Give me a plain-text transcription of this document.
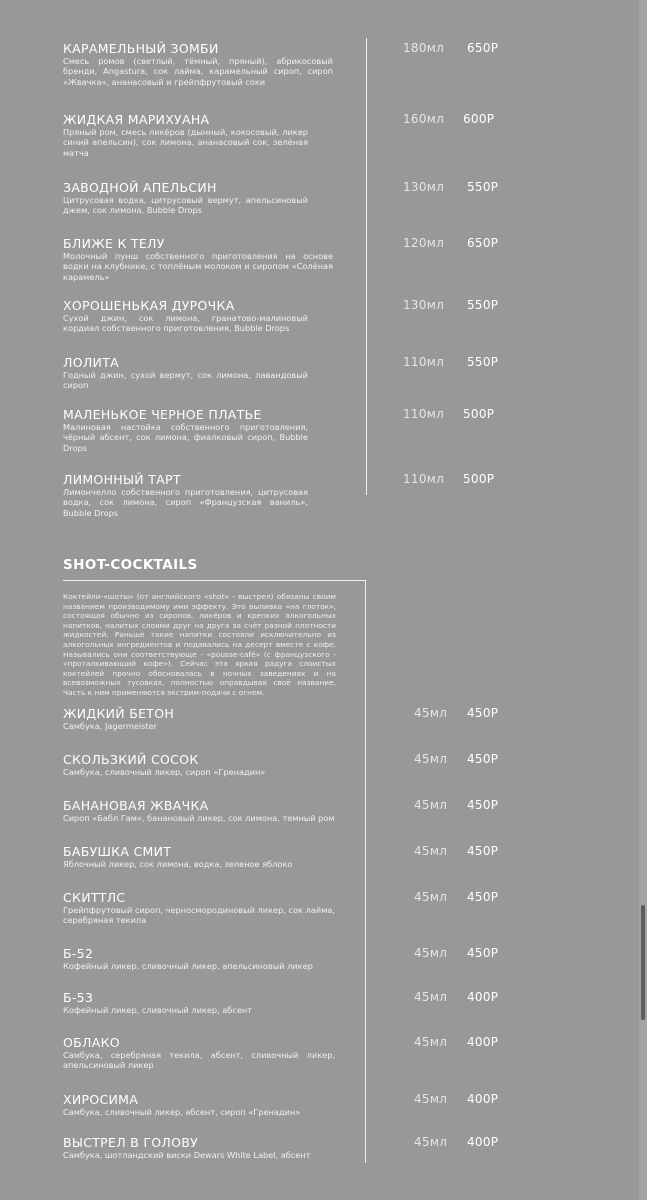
КАРАМЕЛЬНЫЙ ЗОМБИ
Смесь ромов (светлый, тёмный, пряный), абрикосовый бренди, Angastura, сок лайма, карамельный сироп, сироп «Жвачка», ананасовый и грейпфрутовый соки
180мл 650Р
ЖИДКАЯ МАРИХУАНА
Пряный ром, смесь ликёров (дынный, кокосовый, ликер синий апельсин), сок лимона, ананасовый сок, зелёная матча
160мл 600Р
ЗАВОДНОЙ АПЕЛЬСИН
Цитрусовая водка, цитрусовый вермут, апельсиновый джем, сок лимона, Bubble Drops
130мл 550Р
БЛИЖЕ К ТЕЛУ
Молочный пунш собственного приготовления на основе водки на клубнике, с топлёным молоком и сиропом «Солёная карамель»
120мл 650Р
ХОРОШЕНЬКАЯ ДУРОЧКА
Сухой джин, сок лимона, гранатово-малиновый кордиал собственного приготовления, Bubble Drops
130мл 550Р
ЛОЛИТА
Годный джин, сухой вермут, сок лимона, лавандовый сироп
110мл 550Р
МАЛЕНЬКОЕ ЧЕРНОЕ ПЛАТЬЕ
Малиновая настойка собственного приготовления, чёрный абсент, сок лимона, фиалковый сироп, Bubble Drops
110мл 500Р
ЛИМОННЫЙ ТАРТ
Лимончелло собственного приготовления, цитрусовая водка, сок лимона, сироп «Французская ваниль», Bubble Drops
110мл 500Р
SHOT-COCKTAILS
Коктейли-«шоты» (от английского «shot» - выстрел) обязаны своим названием производимому ими эффекту. Это выпивка «на глоток», состоящая обычно из сиропов, ликёров и крепких алкогольных напитков, налитых слоями друг на друга за счёт разной плотности жидкостей. Раньше такие напитки состояли исключительно из алкогольных ингредиентов и подавались на десерт вместе с кофе. Назывались они соответствующе - «pousse-café» (с французского - «проталкивающий кофе»). Сейчас эта яркая радуга слоистых коктейлей прочно обосновалась в ночных заведениях и на всевозможных тусовках, полностью оправдывая своё название. Часть к ним применяются экстрим-подачи с огнем.
ЖИДКИЙ БЕТОН
Самбука, Jagermeister
45мл 450Р
СКОЛЬЗКИЙ СОСОК
Самбука, сливочный ликер, сироп «Гренадин»
45мл 450Р
БАНАНОВАЯ ЖВАЧКА
Сироп «Бабл Гам», банановый ликер, сок лимона, темный ром
45мл 450Р
БАБУШКА СМИТ
Яблочный ликер, сок лимона, водка, зеленое яблоко
45мл 450Р
СКИТТЛС
Грейпфрутовый сироп, черносмородиновый ликер, сок лайма, серебряная текила
45мл 450Р
Б-52
Кофейный ликер, сливочный ликер, апельсиновый ликер
45мл 450Р
Б-53
Кофейный ликер, сливочный ликер, абсент
45мл 400Р
ОБЛАКО
Самбука, серебряная текила, абсент, сливочный ликер, апельсиновый ликер
45мл 400Р
ХИРОСИМА
Самбука, сливочный ликер, абсент, сироп «Гренадин»
45мл 400Р
ВЫСТРЕЛ В ГОЛОВУ
Самбука, шотландский виски Dewars White Label, абсент
45мл 400Р
